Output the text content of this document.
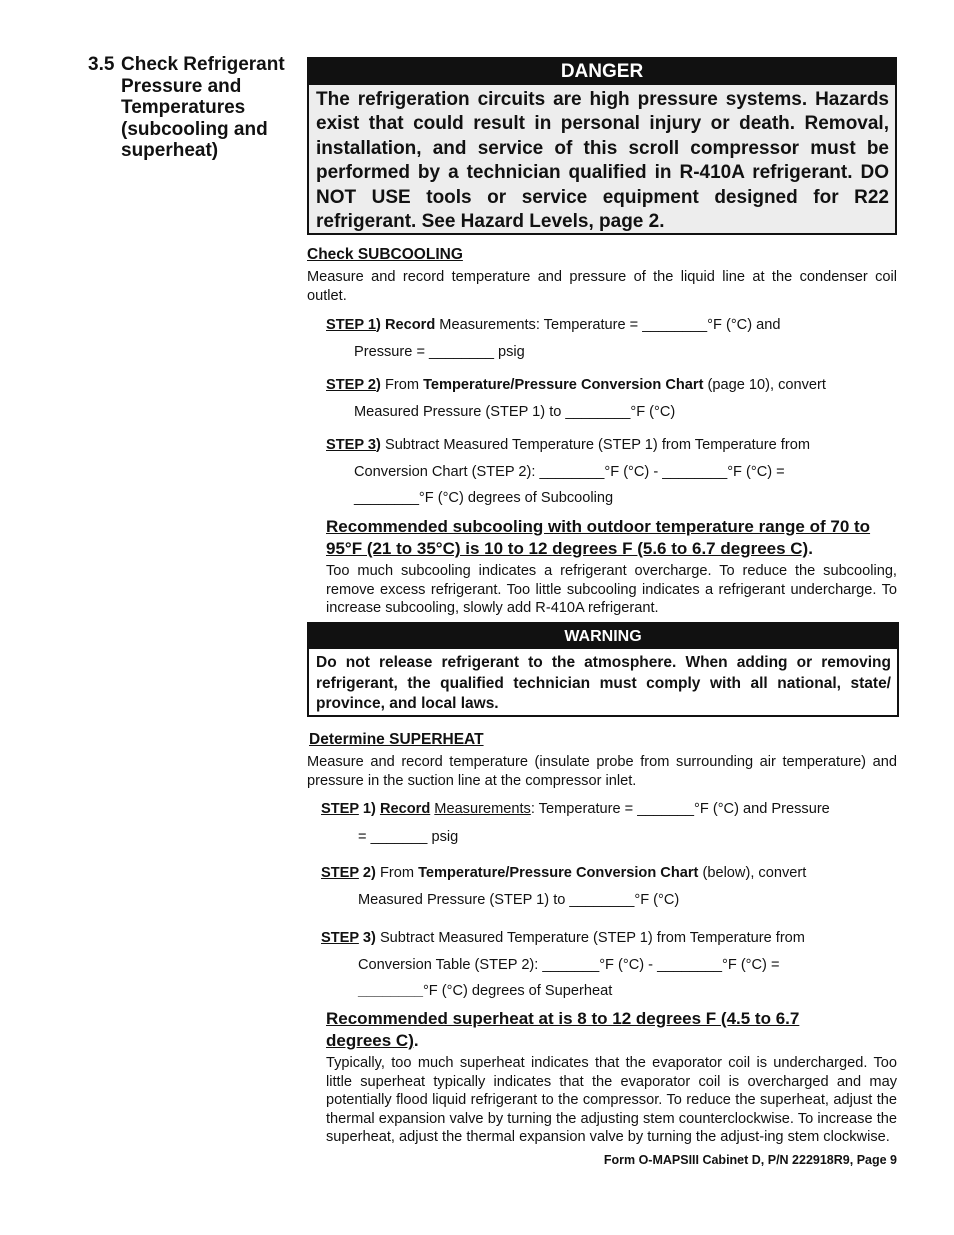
3.5 Check Refrigerant Pressure and Temperatures (subcooling and superheat)
DANGER
The refrigeration circuits are high pressure systems. Hazards exist that could result in personal injury or death. Removal, installation, and service of this scroll compressor must be performed by a technician qualified in R-410A refrigerant. DO NOT USE tools or service equipment designed for R22 refrigerant. See Hazard Levels, page 2.
Check SUBCOOLING
Measure and record temperature and pressure of the liquid line at the condenser coil outlet.
STEP 1) Record Measurements: Temperature = ________°F (°C) and
Pressure = ________ psig
STEP 2) From Temperature/Pressure Conversion Chart (page 10), convert
Measured Pressure (STEP 1) to ________°F (°C)
STEP 3) Subtract Measured Temperature (STEP 1) from Temperature from
Conversion Chart (STEP 2): ________°F (°C) - ________°F (°C) =
________°F (°C) degrees of Subcooling
Recommended subcooling with outdoor temperature range of 70 to 95°F (21 to 35°C) is 10 to 12 degrees F (5.6 to 6.7 degrees C).
Too much subcooling indicates a refrigerant overcharge. To reduce the subcooling, remove excess refrigerant. Too little subcooling indicates a refrigerant undercharge. To increase subcooling, slowly add R-410A refrigerant.
WARNING
Do not release refrigerant to the atmosphere. When adding or removing refrigerant, the qualified technician must comply with all national, state/ province, and local laws.
Determine SUPERHEAT
Measure and record temperature (insulate probe from surrounding air temperature) and pressure in the suction line at the compressor inlet.
STEP 1) Record Measurements: Temperature = _______°F (°C) and Pressure
= _______ psig
STEP 2) From Temperature/Pressure Conversion Chart (below), convert
Measured Pressure (STEP 1) to ________°F (°C)
STEP 3) Subtract Measured Temperature (STEP 1) from Temperature from
Conversion Table (STEP 2): _______°F (°C) - ________°F (°C) =
________°F (°C) degrees of Superheat
Recommended superheat at is 8 to 12 degrees F (4.5 to 6.7 degrees C).
Typically, too much superheat indicates that the evaporator coil is undercharged. Too little superheat typically indicates that the evaporator coil is overcharged and may potentially flood liquid refrigerant to the compressor. To reduce the superheat, adjust the thermal expansion valve by turning the adjusting stem counterclockwise. To increase the superheat, adjust the thermal expansion valve by turning the adjust-ing stem clockwise.
Form O-MAPSIII Cabinet D, P/N 222918R9, Page 9
